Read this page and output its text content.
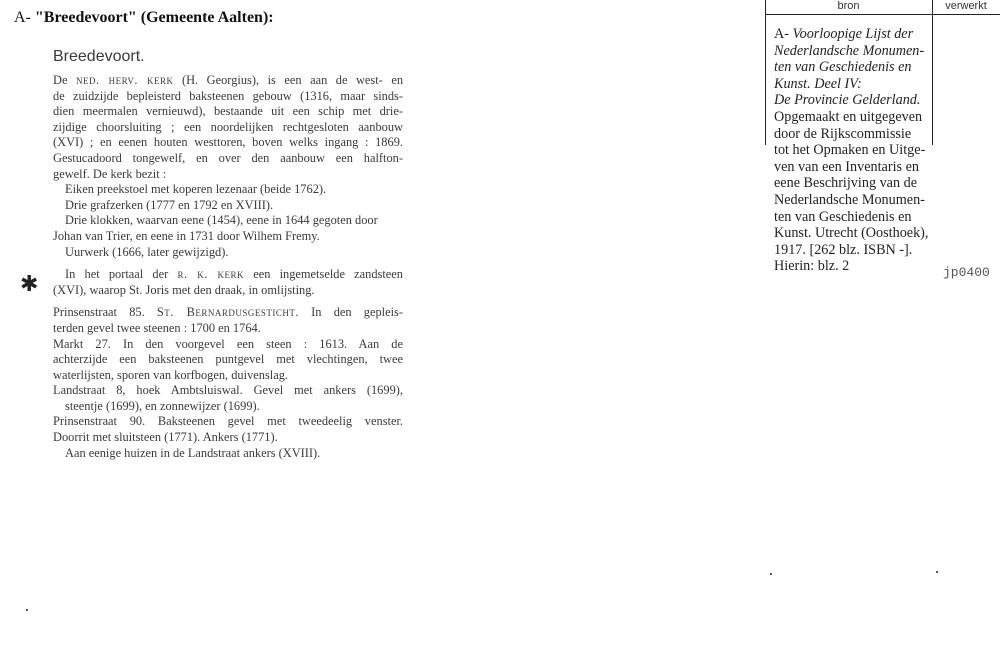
A- "Breedevoort" (Gemeente Aalten):
Breedevoort.
De ned. herv. kerk (H. Georgius), is een aan de west- en
de zuidzijde bepleisterd baksteenen gebouw (1316, maar sinds-
dien meermalen vernieuwd), bestaande uit een schip met drie-
zijdige choorsluiting ; een noordelijken rechtgesloten aanbouw
(XVI) ; en eenen houten westtoren, boven welks ingang : 1869.
Gestucadoord tongewelf, en over den aanbouw een halfton-
gewelf. De kerk bezit :
Eiken preekstoel met koperen lezenaar (beide 1762).
Drie grafzerken (1777 en 1792 en XVIII).
Drie klokken, waarvan eene (1454), eene in 1644 gegoten door
Johan van Trier, en eene in 1731 door Wilhem Fremy.
Uurwerk (1666, later gewijzigd).
In het portaal der r. k. kerk een ingemetselde zandsteen
(XVI), waarop St. Joris met den draak, in omlijsting.
Prinsenstraat 85. St. Bernardusgesticht. In den gepleis-
terden gevel twee steenen : 1700 en 1764.
Markt 27. In den voorgevel een steen : 1613. Aan de
achterzijde een baksteenen puntgevel met vlechtingen, twee
waterlijsten, sporen van korfbogen, duivenslag.
Landstraat 8, hoek Ambtsluiswal. Gevel met ankers (1699),
steentje (1699), en zonnewijzer (1699).
Prinsenstraat 90. Baksteenen gevel met tweedeelig venster.
Doorrit met sluitsteen (1771). Ankers (1771).
Aan eenige huizen in de Landstraat ankers (XVIII).
✱
bron	verwerkt
A- Voorloopige Lijst der
Nederlandsche Monumen-
ten van Geschiedenis en
Kunst. Deel IV:
De Provincie Gelderland.
Opgemaakt en uitgegeven
door de Rijkscommissie
tot het Opmaken en Uitge-
ven van een Inventaris en
eene Beschrijving van de
Nederlandsche Monumen-
ten van Geschiedenis en
Kunst. Utrecht (Oosthoek),
1917. [262 blz. ISBN -].
Hierin: blz. 2	jp0400
